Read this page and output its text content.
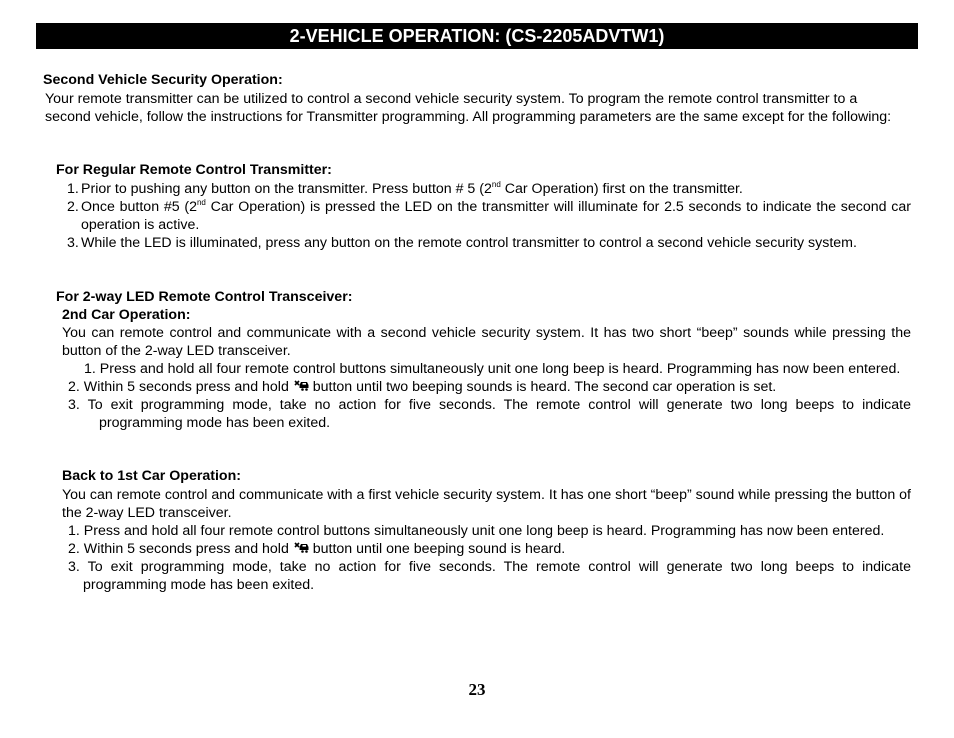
2-VEHICLE OPERATION: (CS-2205ADVTW1)
Second Vehicle Security Operation:
Your remote transmitter can be utilized to control a second vehicle security system. To program the remote control transmitter to a second vehicle, follow the instructions for Transmitter programming. All programming parameters are the same except for the following:
For Regular Remote Control Transmitter:
1. Prior to pushing any button on the transmitter. Press button # 5 (2nd Car Operation) first on the transmitter.
2. Once button #5 (2nd Car Operation) is pressed the LED on the transmitter will illuminate for 2.5 seconds to indicate the second car operation is active.
3. While the LED is illuminated, press any button on the remote control transmitter to control a second vehicle security system.
For 2-way LED Remote Control Transceiver:
2nd Car Operation:
You can remote control and communicate with a second vehicle security system. It has two short “beep” sounds while pressing the button of the 2-way LED transceiver.
1. Press and hold all four remote control buttons simultaneously unit one long beep is heard. Programming has now been entered.
2. Within 5 seconds press and hold button until two beeping sounds is heard. The second car operation is set.
3. To exit programming mode, take no action for five seconds. The remote control will generate two long beeps to indicate programming mode has been exited.
Back to 1st Car Operation:
You can remote control and communicate with a first vehicle security system. It has one short “beep” sound while pressing the button of the 2-way LED transceiver.
1. Press and hold all four remote control buttons simultaneously unit one long beep is heard. Programming has now been entered.
2. Within 5 seconds press and hold button until one beeping sound is heard.
3. To exit programming mode, take no action for five seconds. The remote control will generate two long beeps to indicate programming mode has been exited.
23
